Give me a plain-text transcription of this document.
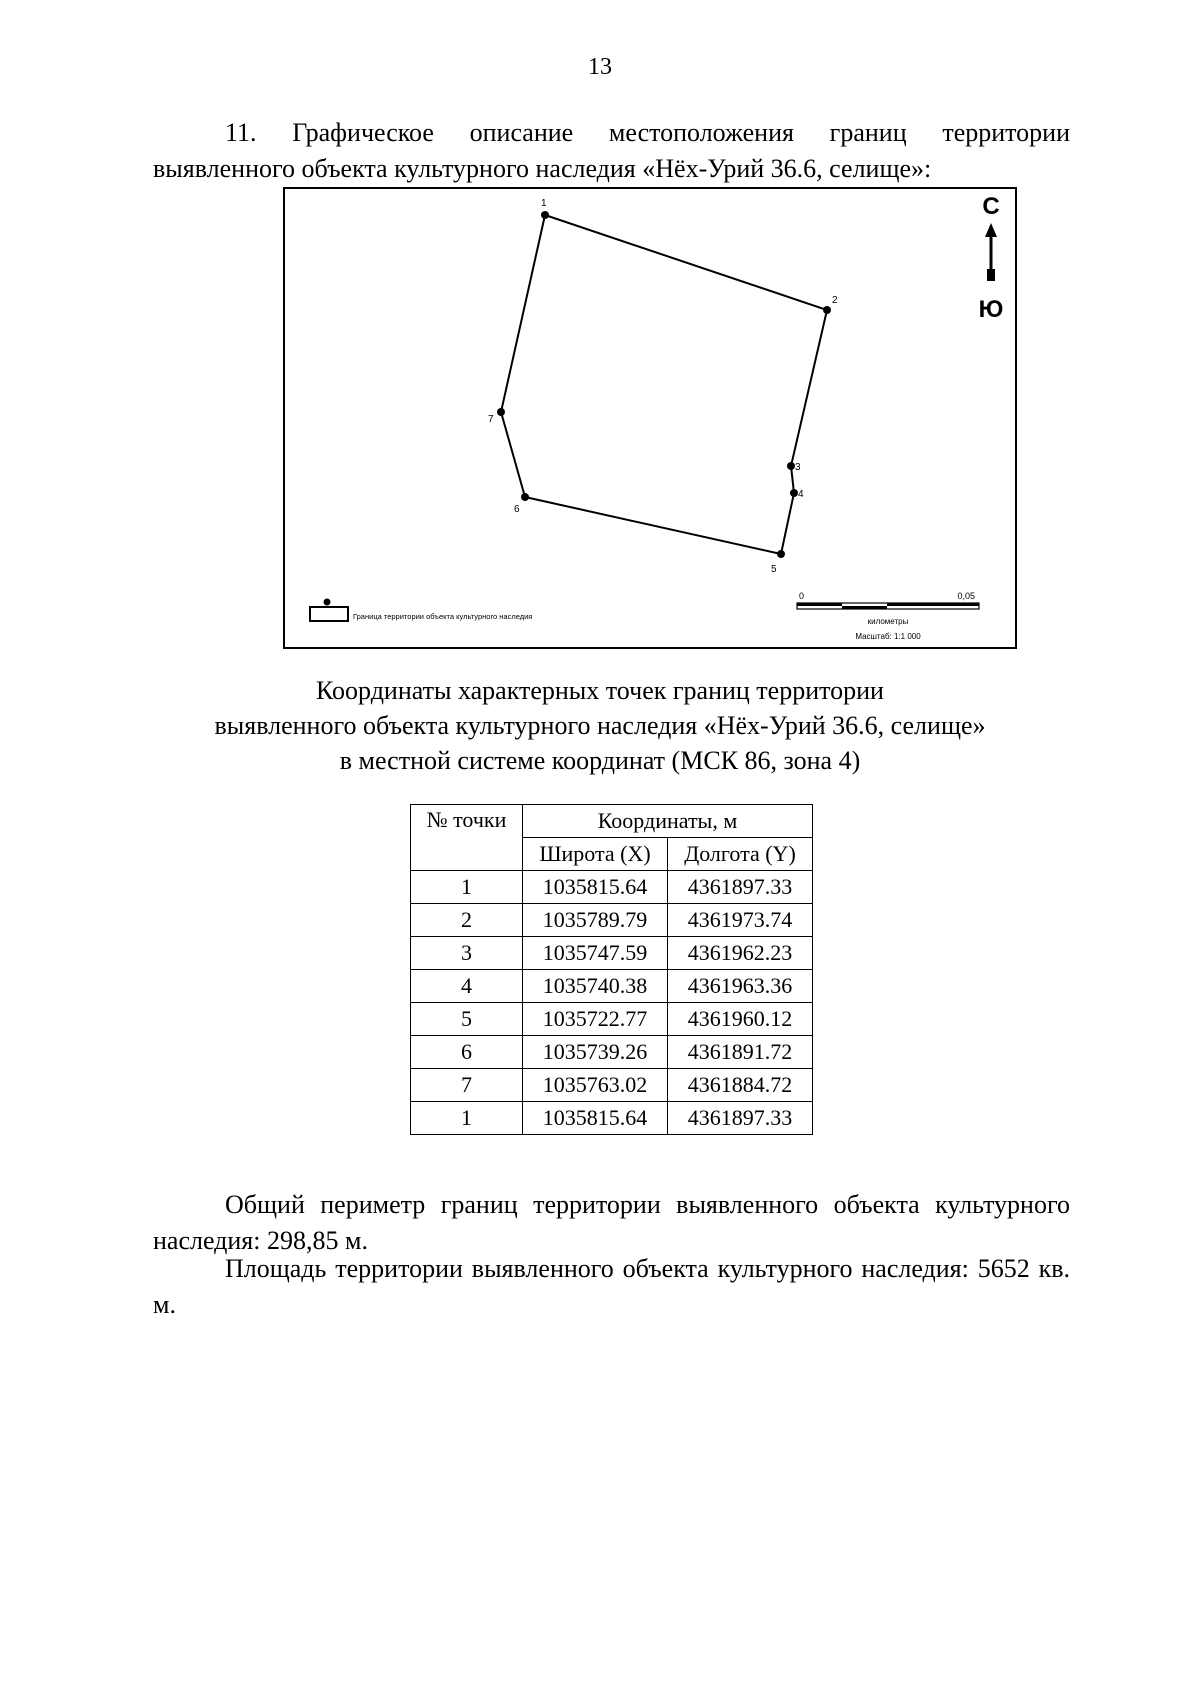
13
11. Графическое описание местоположения границ территории выявленного объекта культурного наследия «Нёх-Урий 36.6, селище»:
1
2
3
4
5
6
7
С
Ю
Граница территории объекта культурного наследия
0	0,05
километры
Масштаб: 1:1 000
Координаты характерных точек границ территории
выявленного объекта культурного наследия «Нёх-Урий 36.6, селище»
в местной системе координат (МСК 86, зона 4)
№ точки	Координаты, м	
	Широта (X)	Долгота (Y)
1	1035815.64	4361897.33
2	1035789.79	4361973.74
3	1035747.59	4361962.23
4	1035740.38	4361963.36
5	1035722.77	4361960.12
6	1035739.26	4361891.72
7	1035763.02	4361884.72
1	1035815.64	4361897.33
Общий периметр границ территории выявленного объекта культурного наследия: 298,85 м.
Площадь территории выявленного объекта культурного наследия: 5652 кв. м.
